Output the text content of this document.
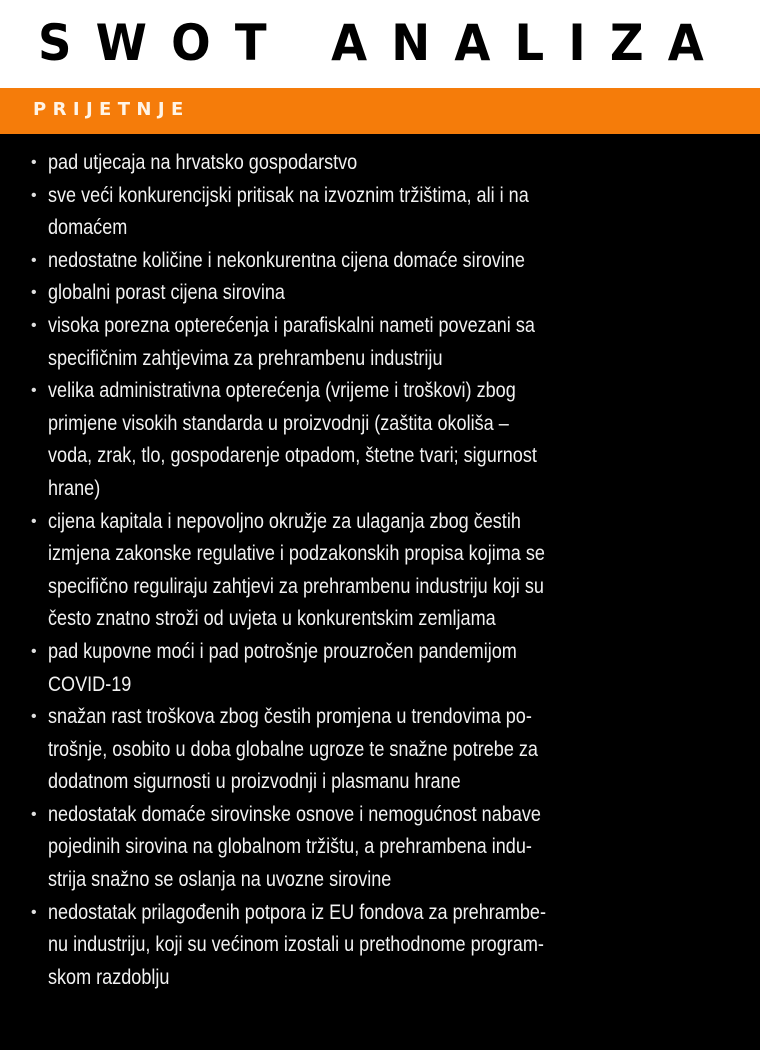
SWOT ANALIZA
PRIJETNJE
• pad utjecaja na hrvatsko gospodarstvo
• sve veći konkurencijski pritisak na izvoznim tržištima, ali i na
domaćem
• nedostatne količine i nekonkurentna cijena domaće sirovine
• globalni porast cijena sirovina
• visoka porezna opterećenja i parafiskalni nameti povezani sa
specifičnim zahtjevima za prehrambenu industriju
• velika administrativna opterećenja (vrijeme i troškovi) zbog
primjene visokih standarda u proizvodnji (zaštita okoliša –
voda, zrak, tlo, gospodarenje otpadom, štetne tvari; sigurnost
hrane)
• cijena kapitala i nepovoljno okružje za ulaganja zbog čestih
izmjena zakonske regulative i podzakonskih propisa kojima se
specifično reguliraju zahtjevi za prehrambenu industriju koji su
često znatno stroži od uvjeta u konkurentskim zemljama
• pad kupovne moći i pad potrošnje prouzročen pandemijom
COVID-19
• snažan rast troškova zbog čestih promjena u trendovima po-
trošnje, osobito u doba globalne ugroze te snažne potrebe za
dodatnom sigurnosti u proizvodnji i plasmanu hrane
• nedostatak domaće sirovinske osnove i nemogućnost nabave
pojedinih sirovina na globalnom tržištu, a prehrambena indu-
strija snažno se oslanja na uvozne sirovine
• nedostatak prilagođenih potpora iz EU fondova za prehrambe-
nu industriju, koji su većinom izostali u prethodnome program-
skom razdoblju
